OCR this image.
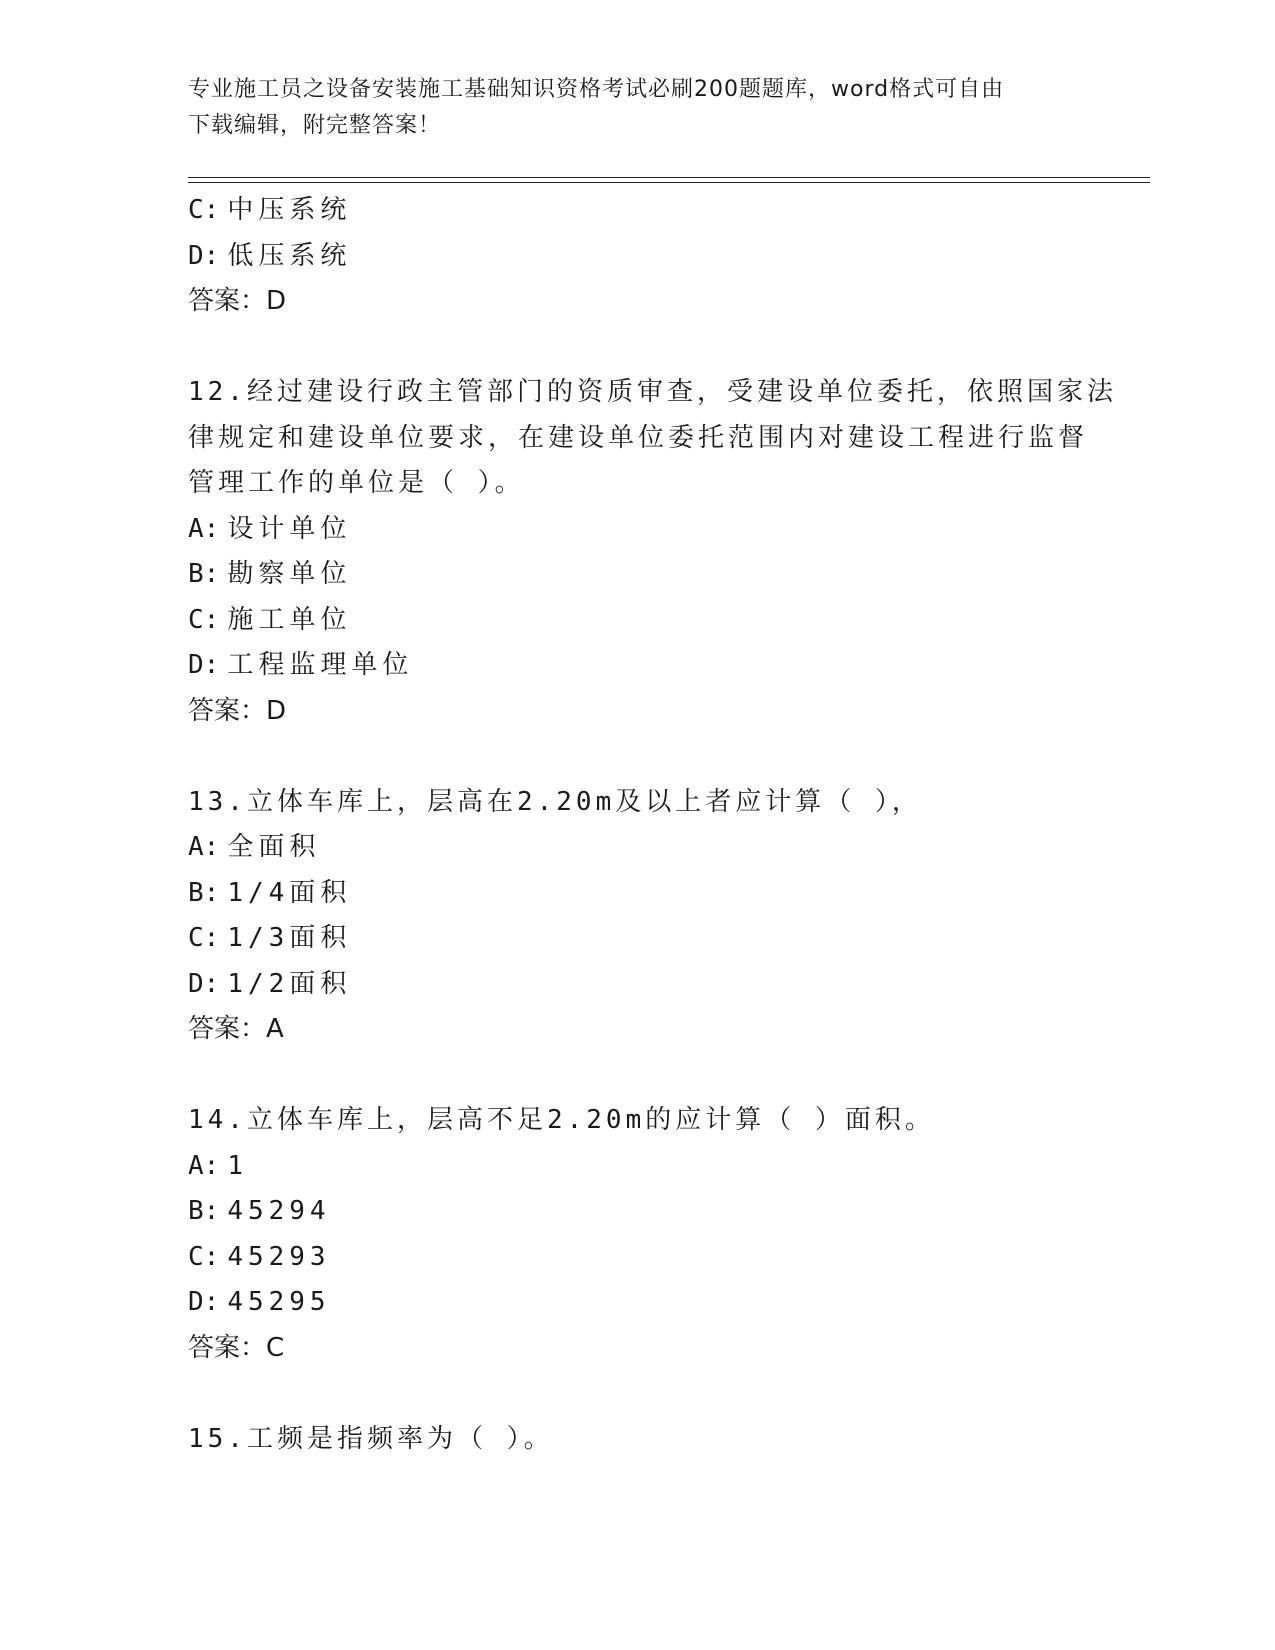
专业施工员之设备安装施工基础知识资格考试必刷200题题库，word格式可自由
下载编辑，附完整答案！
C: 中压系统
D: 低压系统
答案：D
12.经过建设行政主管部门的资质审查，受建设单位委托，依照国家法
律规定和建设单位要求，在建设单位委托范围内对建设工程进行监督
管理工作的单位是（ ）。
A: 设计单位
B: 勘察单位
C: 施工单位
D: 工程监理单位
答案：D
13.立体车库上，层高在2.20m及以上者应计算（ ），
A: 全面积
B: 1/4面积
C: 1/3面积
D: 1/2面积
答案：A
14.立体车库上，层高不足2.20m的应计算（ ）面积。
A: 1
B: 45294
C: 45293
D: 45295
答案：C
15.工频是指频率为（ ）。
